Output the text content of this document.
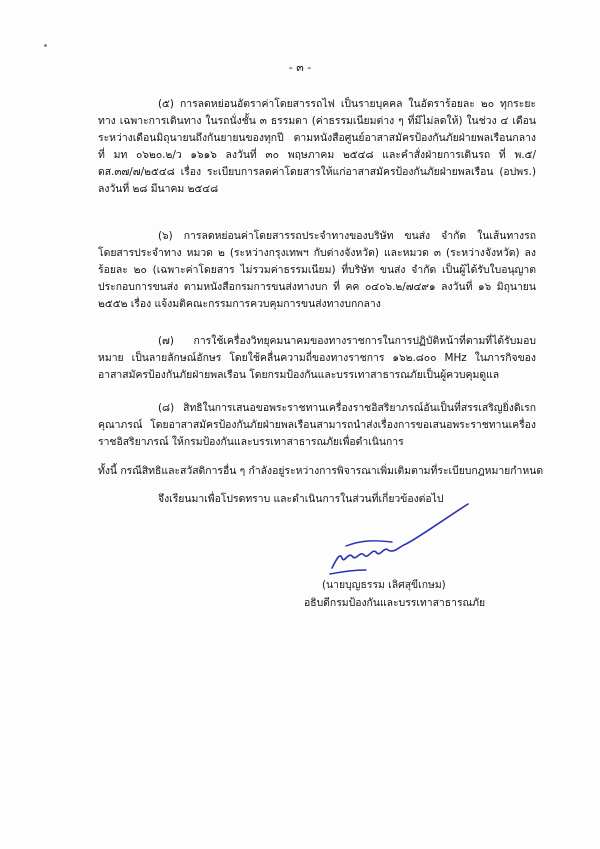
- ๓ -

(๕) การลดหย่อนอัตราค่าโดยสารรถไฟ เป็นรายบุคคล ในอัตราร้อยละ ๒๐ ทุกระยะทาง เฉพาะการเดินทาง ในรถนั่งชั้น ๓ ธรรมดา (ค่าธรรมเนียมต่าง ๆ ที่มีไม่ลดให้) ในช่วง ๔ เดือน ระหว่างเดือนมิถุนายนถึงกันยายนของทุกปี ตามหนังสือศูนย์อาสาสมัครป้องกันภัยฝ่ายพลเรือนกลาง ที่ มท ๐๖๒๐.๒/ว ๑๖๑๖ ลงวันที่ ๓๐ พฤษภาคม ๒๕๔๘ และคำสั่งฝ่ายการเดินรถ ที่ พ.๕/ดส.๓๗/๗/๒๕๔๘ เรื่อง ระเบียบการลดค่าโดยสารให้แก่อาสาสมัครป้องกันภัยฝ่ายพลเรือน (อปพร.) ลงวันที่ ๒๘ มีนาคม ๒๕๔๘

(๖) การลดหย่อนค่าโดยสารรถประจำทางของบริษัท ขนส่ง จำกัด ในเส้นทางรถโดยสารประจำทาง หมวด ๒ (ระหว่างกรุงเทพฯ กับต่างจังหวัด) และหมวด ๓ (ระหว่างจังหวัด) ลงร้อยละ ๒๐ (เฉพาะค่าโดยสาร ไม่รวมค่าธรรมเนียม) ที่บริษัท ขนส่ง จำกัด เป็นผู้ได้รับใบอนุญาตประกอบการขนส่ง ตามหนังสือกรมการขนส่งทางบก ที่ คค ๐๔๐๖.๒/๗๔๙๑ ลงวันที่ ๑๖ มิถุนายน ๒๕๕๒ เรื่อง แจ้งมติคณะกรรมการควบคุมการขนส่งทางบกกลาง

(๗) การใช้เครื่องวิทยุคมนาคมของทางราชการในการปฏิบัติหน้าที่ตามที่ได้รับมอบหมาย เป็นลายลักษณ์อักษร โดยใช้คลื่นความถี่ของทางราชการ ๑๖๒.๘๐๐ MHz ในภารกิจของอาสาสมัครป้องกันภัยฝ่ายพลเรือน โดยกรมป้องกันและบรรเทาสาธารณภัยเป็นผู้ควบคุมดูแล

(๘) สิทธิในการเสนอขอพระราชทานเครื่องราชอิสริยาภรณ์อันเป็นที่สรรเสริญยิ่งดิเรกคุณาภรณ์ โดยอาสาสมัครป้องกันภัยฝ่ายพลเรือนสามารถนำส่งเรื่องการขอเสนอพระราชทานเครื่องราชอิสริยาภรณ์ ให้กรมป้องกันและบรรเทาสาธารณภัยเพื่อดำเนินการ

ทั้งนี้ กรณีสิทธิและสวัสดิการอื่น ๆ กำลังอยู่ระหว่างการพิจารณาเพิ่มเติมตามที่ระเบียบกฎหมายกำหนด
จึงเรียนมาเพื่อโปรดทราบ และดำเนินการในส่วนที่เกี่ยวข้องต่อไป
(นายบุญธรรม เลิศสุขีเกษม)
อธิบดีกรมป้องกันและบรรเทาสาธารณภัย
